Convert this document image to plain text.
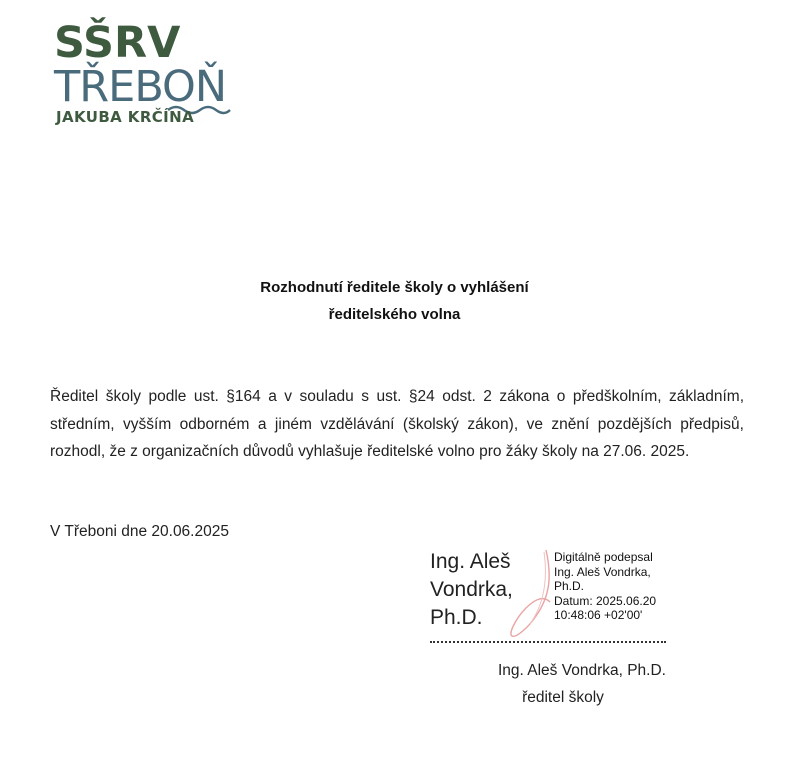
SŠRV
TŘEBOŇ
JAKUBA KRČÍNA
Rozhodnutí ředitele školy o vyhlášení
ředitelského volna
Ředitel školy podle ust. §164 a v souladu s ust. §24 odst. 2 zákona o předškolním, základním, středním, vyšším odborném a jiném vzdělávání (školský zákon), ve znění pozdějších předpisů, rozhodl, že z organizačních důvodů vyhlašuje ředitelské volno pro žáky školy na 27.06. 2025.
V Třeboni dne 20.06.2025
Ing. Aleš
Vondrka,
Ph.D.
Digitálně podepsal
Ing. Aleš Vondrka,
Ph.D.
Datum: 2025.06.20
10:48:06 +02'00'
Ing. Aleš Vondrka, Ph.D.
ředitel školy
